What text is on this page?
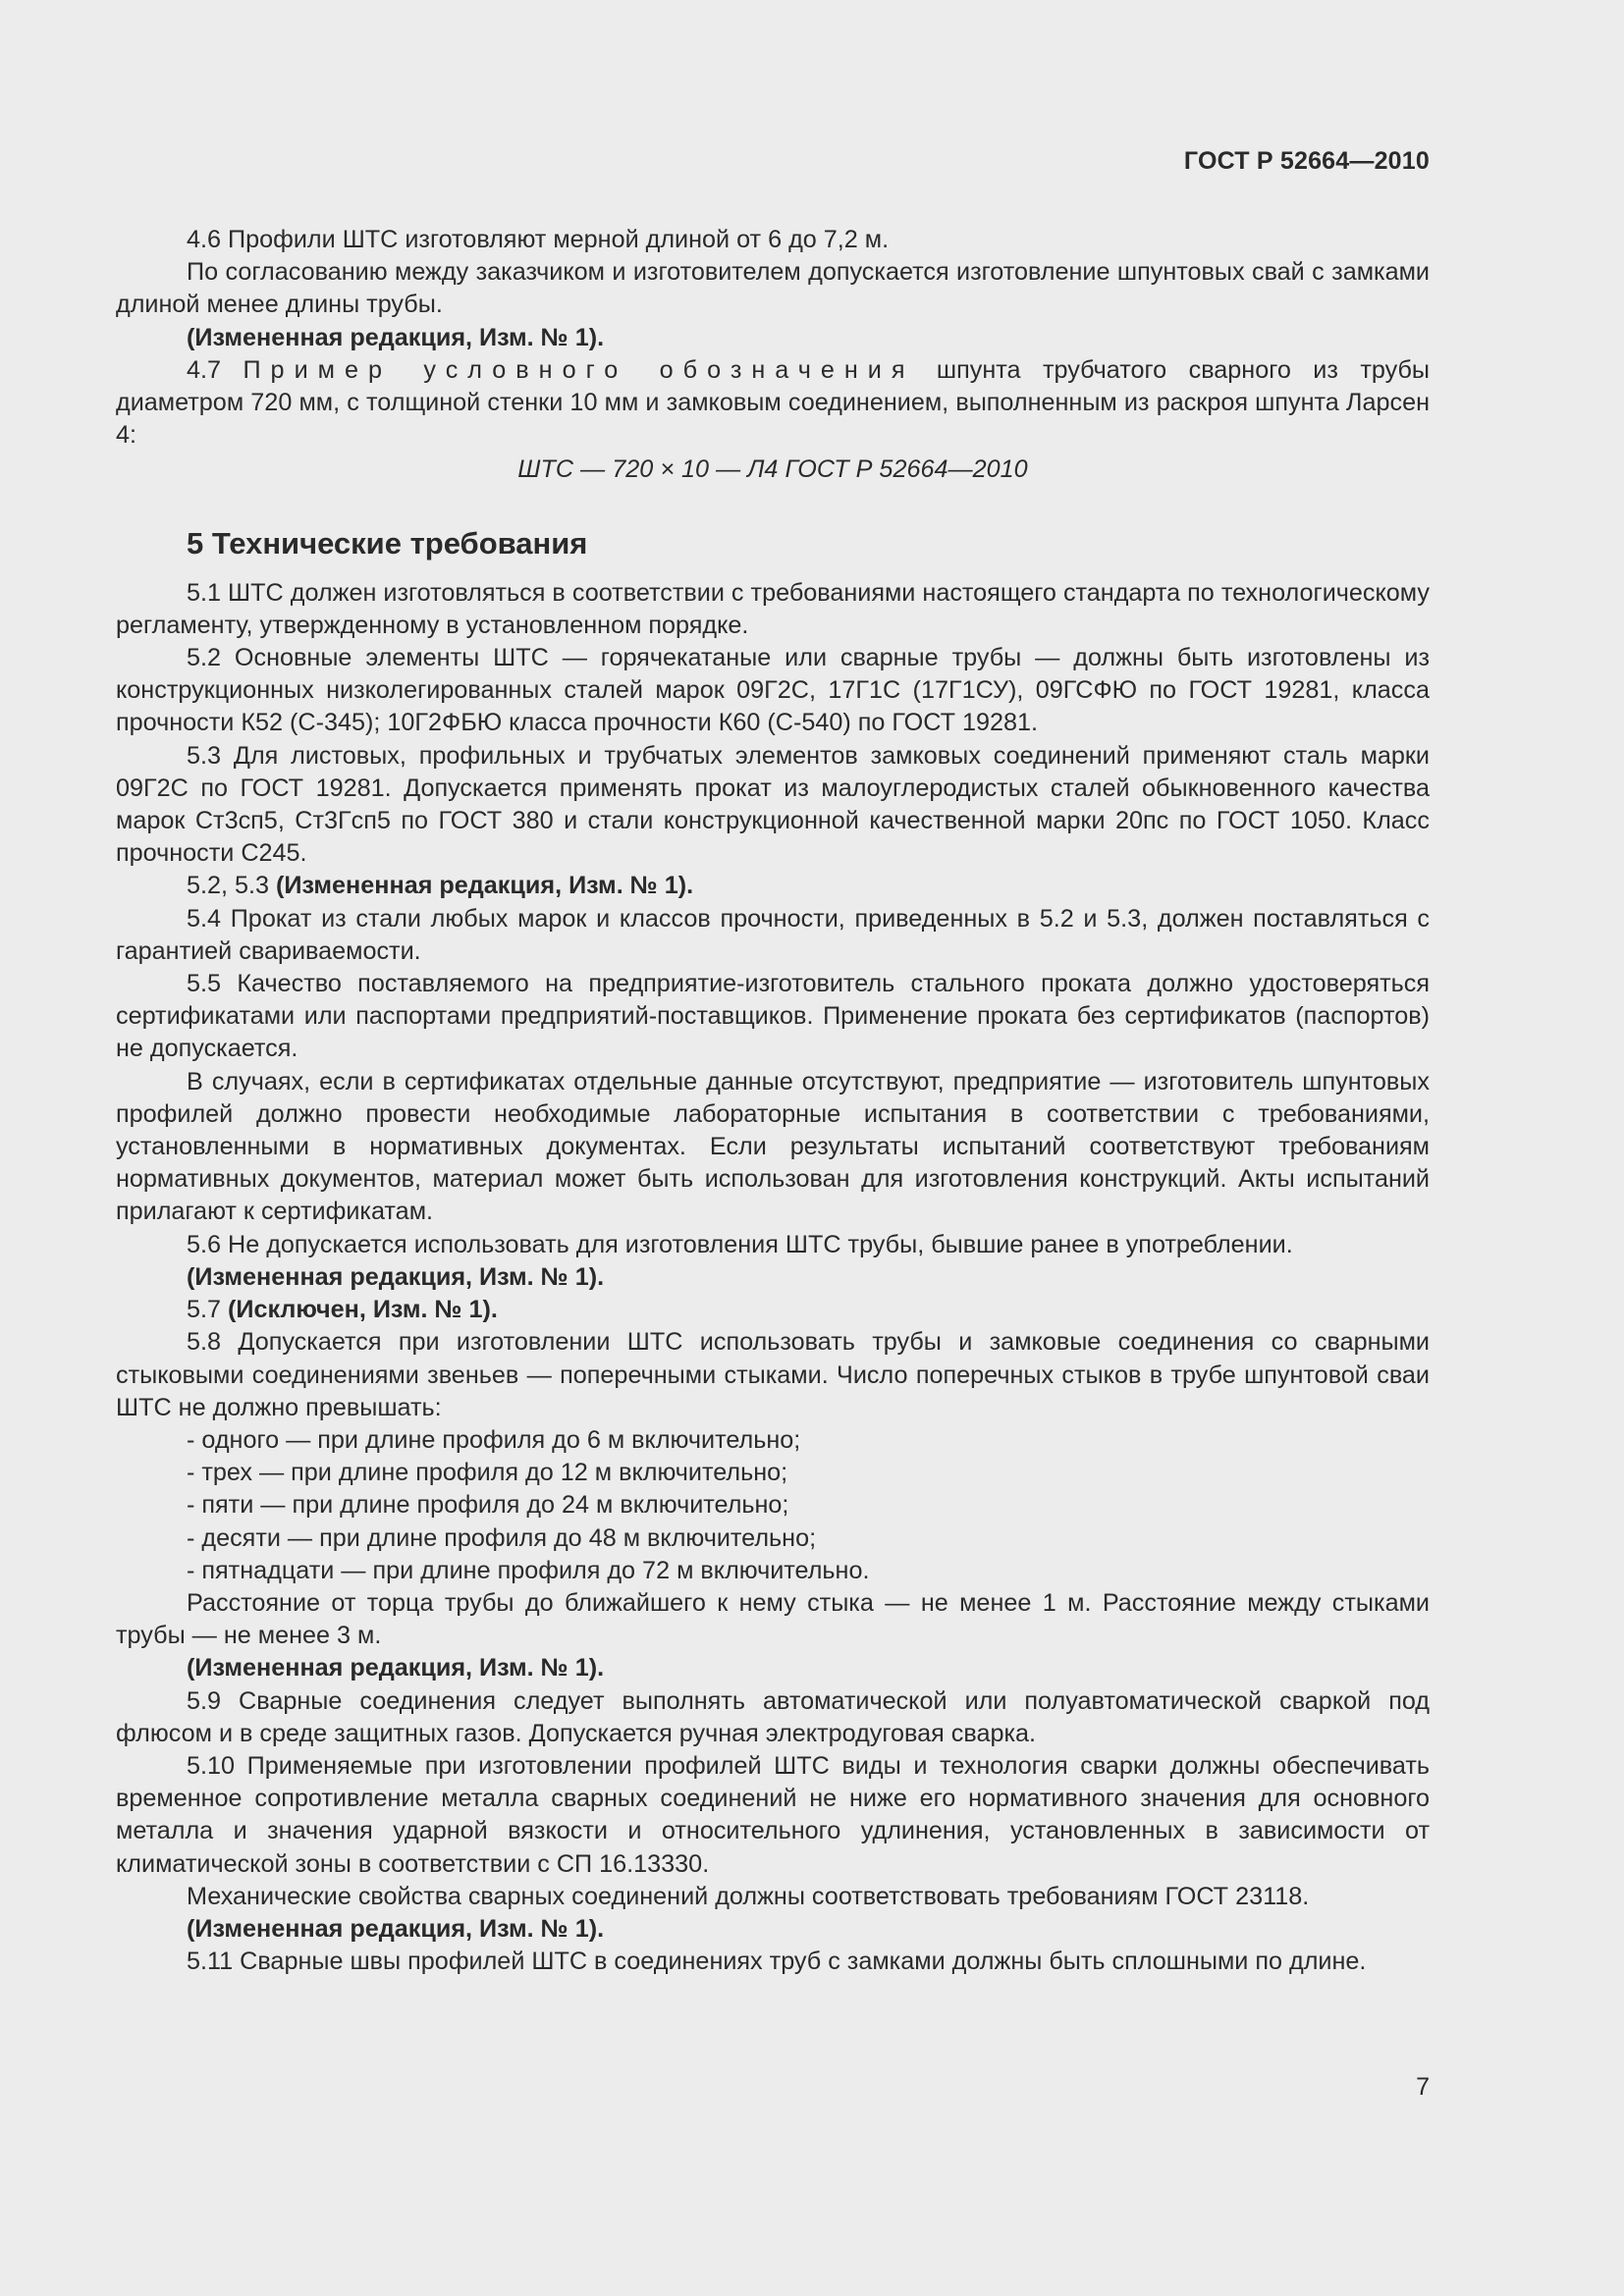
ГОСТ Р 52664—2010

4.6 Профили ШТС изготовляют мерной длиной от 6 до 7,2 м.

По согласованию между заказчиком и изготовителем допускается изготовление шпунтовых свай с замками длиной менее длины трубы.

(Измененная редакция, Изм. № 1).

4.7 Пример условного обозначения шпунта трубчатого сварного из трубы диаметром 720 мм, с толщиной стенки 10 мм и замковым соединением, выполненным из раскроя шпунта Ларсен 4:

ШТС — 720 × 10 — Л4 ГОСТ Р 52664—2010

5 Технические требования

5.1 ШТС должен изготовляться в соответствии с требованиями настоящего стандарта по технологическому регламенту, утвержденному в установленном порядке.

5.2 Основные элементы ШТС — горячекатаные или сварные трубы — должны быть изготовлены из конструкционных низколегированных сталей марок 09Г2С, 17Г1С (17Г1СУ), 09ГСФЮ по ГОСТ 19281, класса прочности К52 (С-345); 10Г2ФБЮ класса прочности К60 (С-540) по ГОСТ 19281.

5.3 Для листовых, профильных и трубчатых элементов замковых соединений применяют сталь марки 09Г2С по ГОСТ 19281. Допускается применять прокат из малоуглеродистых сталей обыкновенного качества марок Ст3сп5, Ст3Гсп5 по ГОСТ 380 и стали конструкционной качественной марки 20пс по ГОСТ 1050. Класс прочности С245.

5.2, 5.3 (Измененная редакция, Изм. № 1).

5.4 Прокат из стали любых марок и классов прочности, приведенных в 5.2 и 5.3, должен поставляться с гарантией свариваемости.

5.5 Качество поставляемого на предприятие-изготовитель стального проката должно удостоверяться сертификатами или паспортами предприятий-поставщиков. Применение проката без сертификатов (паспортов) не допускается.

В случаях, если в сертификатах отдельные данные отсутствуют, предприятие — изготовитель шпунтовых профилей должно провести необходимые лабораторные испытания в соответствии с требованиями, установленными в нормативных документах. Если результаты испытаний соответствуют требованиям нормативных документов, материал может быть использован для изготовления конструкций. Акты испытаний прилагают к сертификатам.

5.6 Не допускается использовать для изготовления ШТС трубы, бывшие ранее в употреблении.

(Измененная редакция, Изм. № 1).

5.7 (Исключен, Изм. № 1).

5.8 Допускается при изготовлении ШТС использовать трубы и замковые соединения со сварными стыковыми соединениями звеньев — поперечными стыками. Число поперечных стыков в трубе шпунтовой сваи ШТС не должно превышать:

- одного — при длине профиля до 6 м включительно;

- трех — при длине профиля до 12 м включительно;

- пяти — при длине профиля до 24 м включительно;

- десяти — при длине профиля до 48 м включительно;

- пятнадцати — при длине профиля до 72 м включительно.

Расстояние от торца трубы до ближайшего к нему стыка — не менее 1 м. Расстояние между стыками трубы — не менее 3 м.

(Измененная редакция, Изм. № 1).

5.9 Сварные соединения следует выполнять автоматической или полуавтоматической сваркой под флюсом и в среде защитных газов. Допускается ручная электродуговая сварка.

5.10 Применяемые при изготовлении профилей ШТС виды и технология сварки должны обеспечивать временное сопротивление металла сварных соединений не ниже его нормативного значения для основного металла и значения ударной вязкости и относительного удлинения, установленных в зависимости от климатической зоны в соответствии с СП 16.13330.

Механические свойства сварных соединений должны соответствовать требованиям ГОСТ 23118.

(Измененная редакция, Изм. № 1).

5.11 Сварные швы профилей ШТС в соединениях труб с замками должны быть сплошными по длине.

7
